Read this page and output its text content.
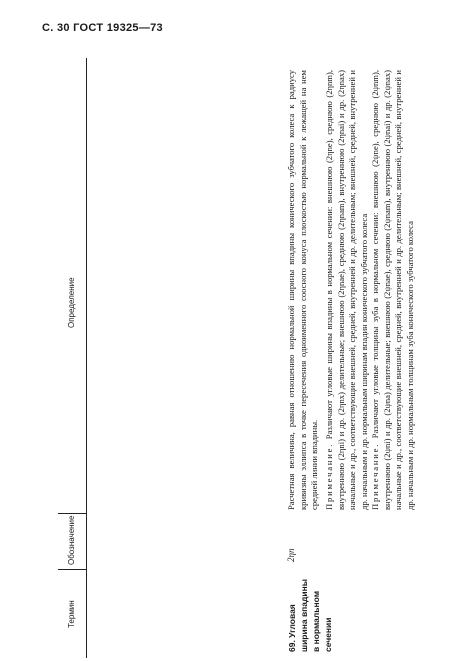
С. 30 ГОСТ 19325—73
Термин
Обозначение
Определение
Примечание. Различают угловые толщины зуба в нормальном сечении: внешнюю (2ψne), среднюю (2ψnm), внутреннюю (2ψni) и др. (2ψna) делительные; внешнюю (2ψnae), среднюю (2ψnam), внутреннюю (2ψnai) и др. (2ψnax) начальные и др., соответствующие внешней, средней, внутренней и др. делительным; внешней, средней, внутренней и др. начальным и др. нормальным толщинам зуба конического зубчатого колеса
69. Угловая ширина впадины в нормальном сечении
2ηn
Расчетная величина, равная отношению нормальной ширины впадины конического зубчатого колеса к радиусу кривизны эллипса в точке пересечения одноименного соосного конуса плоскостью нормальной к лежащей на нем средней линии впадины. Примечание. Различают угловые ширины впадины в нормальном сечении: внешнюю (2ηne), среднюю (2ηnm), внутреннюю (2ηni) и др. (2ηnx) делительные; внешнюю (2ηnae), среднюю (2ηnam), внутреннюю (2ηnai) и др. (2ηnax) начальные и др., соответствующие внешней, средней, внутренней и др. делительным; внешней, средней, внутренней и др. начальным и др. нормальным ширинам впадин конического зубчатого колеса
